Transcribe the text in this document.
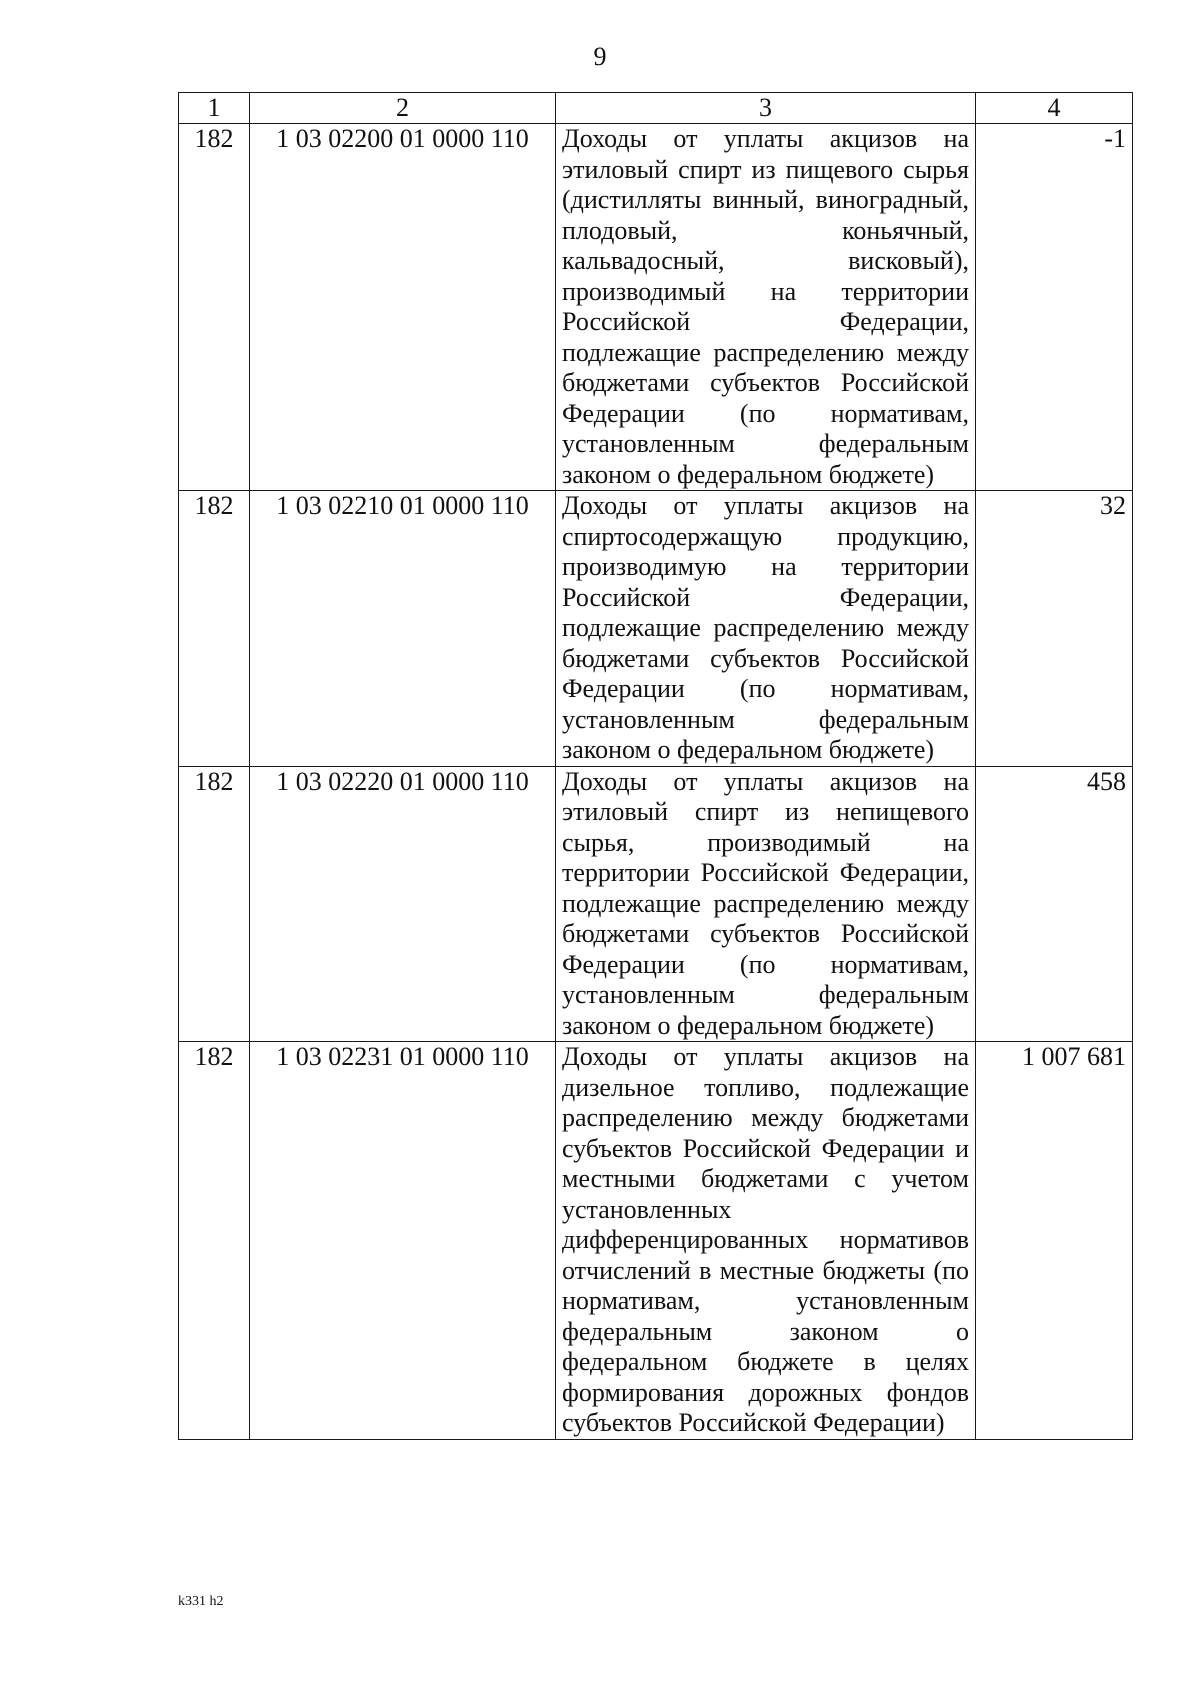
9
1	2	3	4
182	1 03 02200 01 0000 110	Доходы от уплаты акцизов на этиловый спирт из пищевого сырья (дистилляты винный, виноградный, плодовый, коньячный, кальвадосный, висковый), производимый на территории Российской Федерации, подлежащие распределению между бюджетами субъектов Российской Федерации (по нормативам, установленным федеральным законом о федеральном бюджете)	-1
182	1 03 02210 01 0000 110	Доходы от уплаты акцизов на спиртосодержащую продукцию, производимую на территории Российской Федерации, подлежащие распределению между бюджетами субъектов Российской Федерации (по нормативам, установленным федеральным законом о федеральном бюджете)	32
182	1 03 02220 01 0000 110	Доходы от уплаты акцизов на этиловый спирт из непищевого сырья, производимый на территории Российской Федерации, подлежащие распределению между бюджетами субъектов Российской Федерации (по нормативам, установленным федеральным законом о федеральном бюджете)	458
182	1 03 02231 01 0000 110	Доходы от уплаты акцизов на дизельное топливо, подлежащие распределению между бюджетами субъектов Российской Федерации и местными бюджетами с учетом установленных дифференцированных нормативов отчислений в местные бюджеты (по нормативам, установленным федеральным законом о федеральном бюджете в целях формирования дорожных фондов субъектов Российской Федерации)	1 007 681
k331 h2
